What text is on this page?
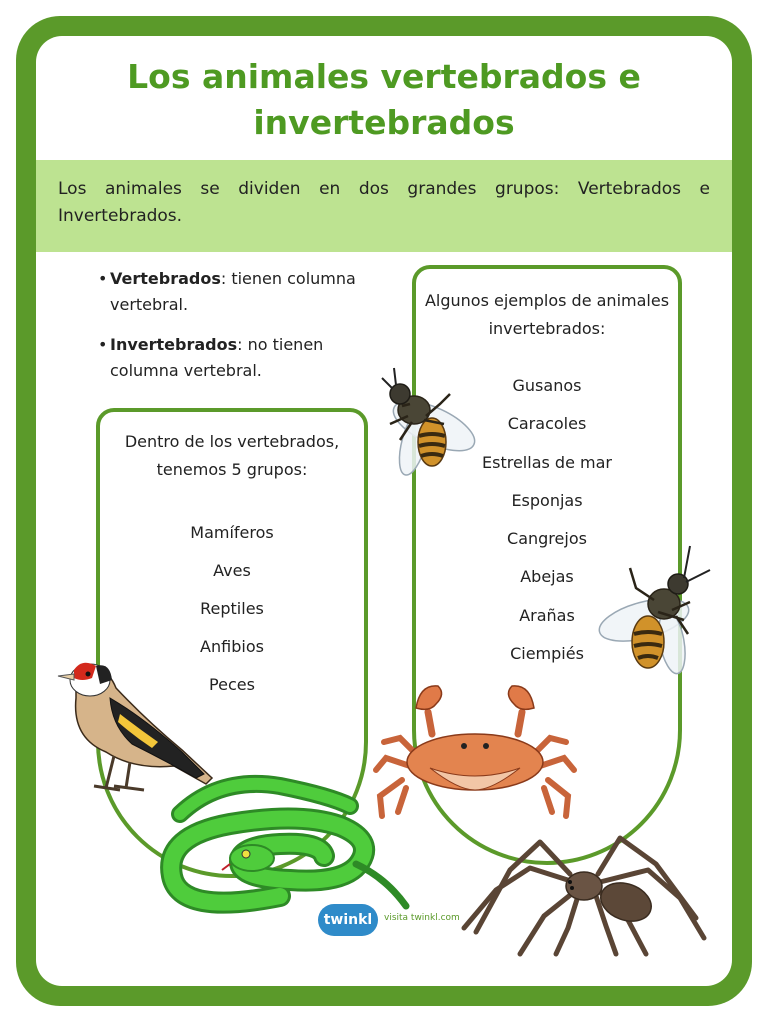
Los animales vertebrados e invertebrados

Los animales se dividen en dos grandes grupos: Vertebrados e Invertebrados.

• Vertebrados: tienen columna vertebral.
• Invertebrados: no tienen columna vertebral.

Dentro de los vertebrados, tenemos 5 grupos:

Mamíferos
Aves
Reptiles
Anfibios
Peces

Algunos ejemplos de animales invertebrados:

Gusanos
Caracoles
Estrellas de mar
Esponjas
Cangrejos
Abejas
Arañas
Ciempiés
twinkl	visita twinkl.com
